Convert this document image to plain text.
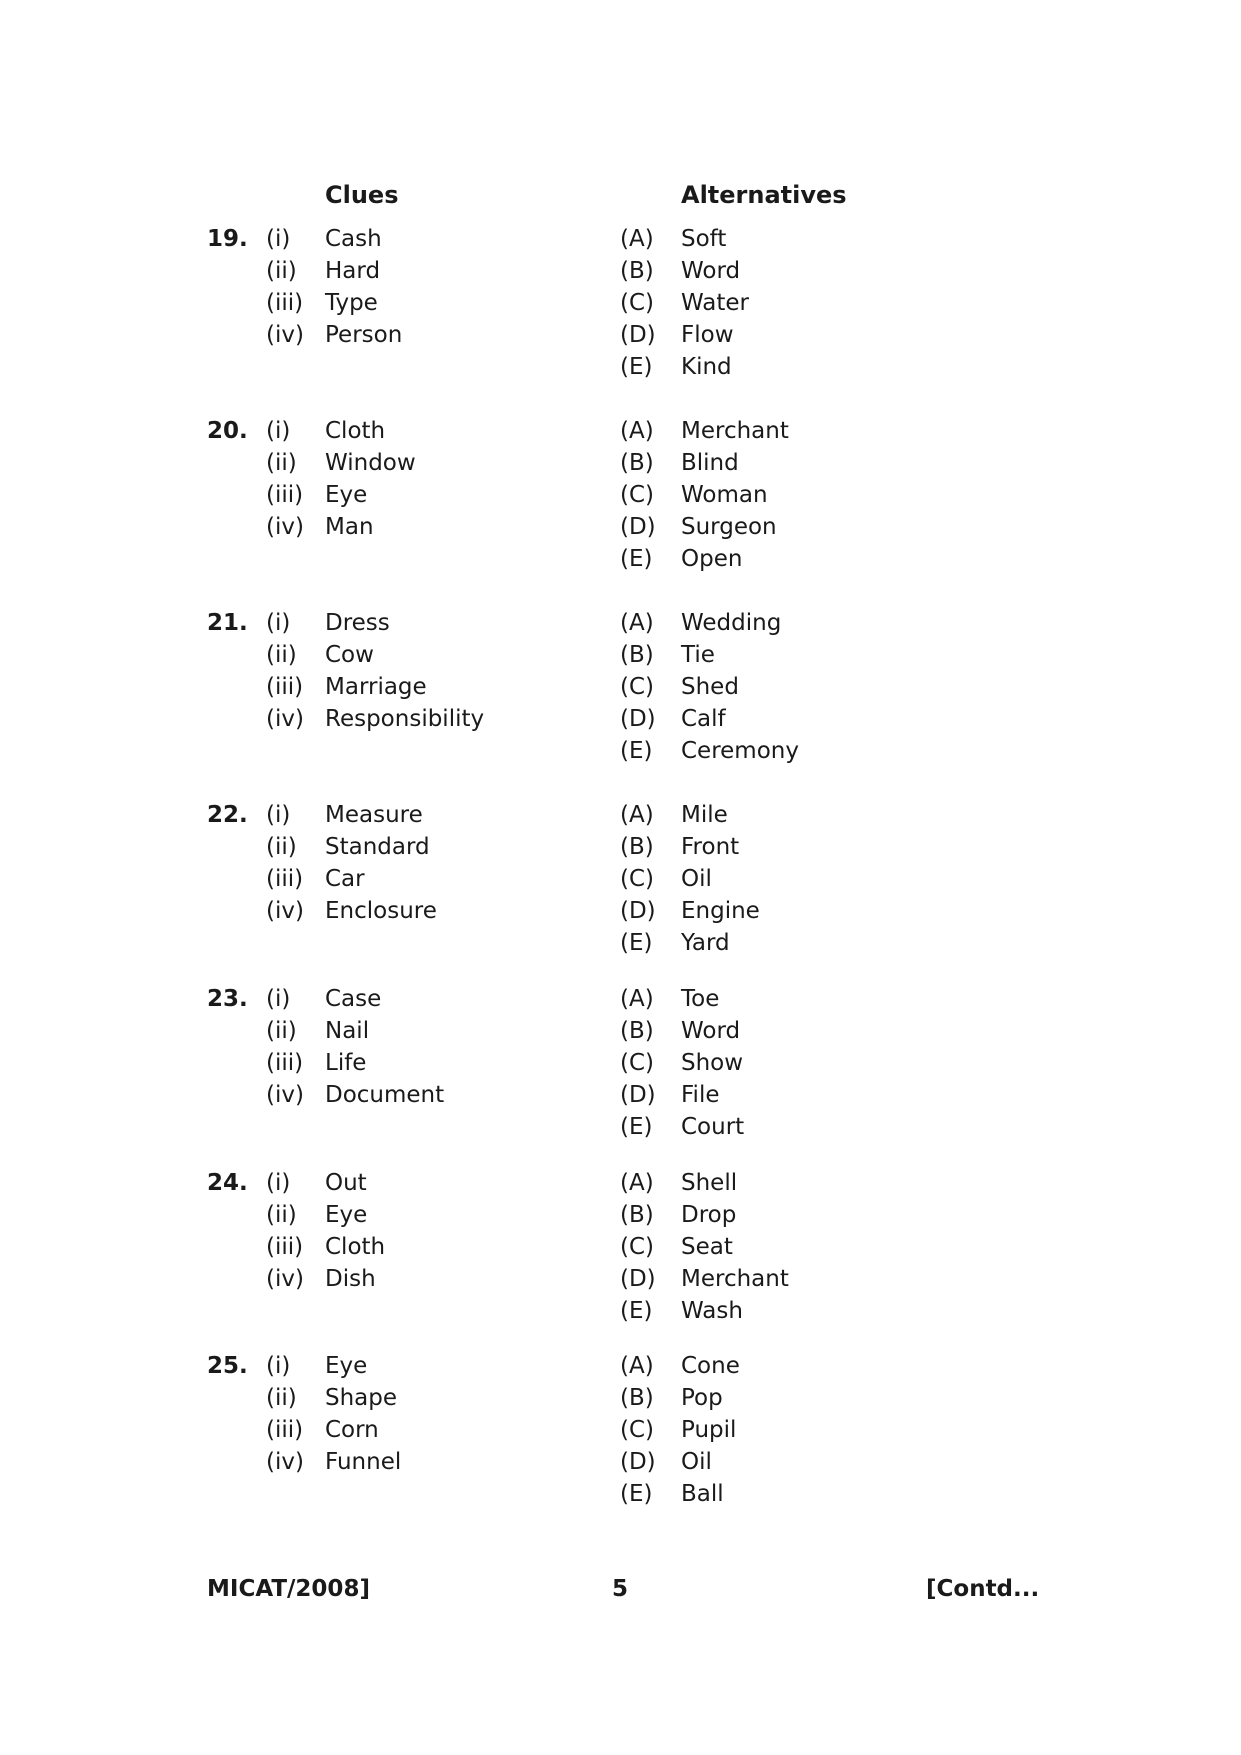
Clues	Alternatives
19. (i) Cash	(A) Soft
(ii) Hard	(B) Word
(iii) Type	(C) Water
(iv) Person	(D) Flow
(E) Kind
20. (i) Cloth	(A) Merchant
(ii) Window	(B) Blind
(iii) Eye	(C) Woman
(iv) Man	(D) Surgeon
(E) Open
21. (i) Dress	(A) Wedding
(ii) Cow	(B) Tie
(iii) Marriage	(C) Shed
(iv) Responsibility	(D) Calf
(E) Ceremony
22. (i) Measure	(A) Mile
(ii) Standard	(B) Front
(iii) Car	(C) Oil
(iv) Enclosure	(D) Engine
(E) Yard
23. (i) Case	(A) Toe
(ii) Nail	(B) Word
(iii) Life	(C) Show
(iv) Document	(D) File
(E) Court
24. (i) Out	(A) Shell
(ii) Eye	(B) Drop
(iii) Cloth	(C) Seat
(iv) Dish	(D) Merchant
(E) Wash
25. (i) Eye	(A) Cone
(ii) Shape	(B) Pop
(iii) Corn	(C) Pupil
(iv) Funnel	(D) Oil
(E) Ball
MICAT/2008]	5	[Contd...
